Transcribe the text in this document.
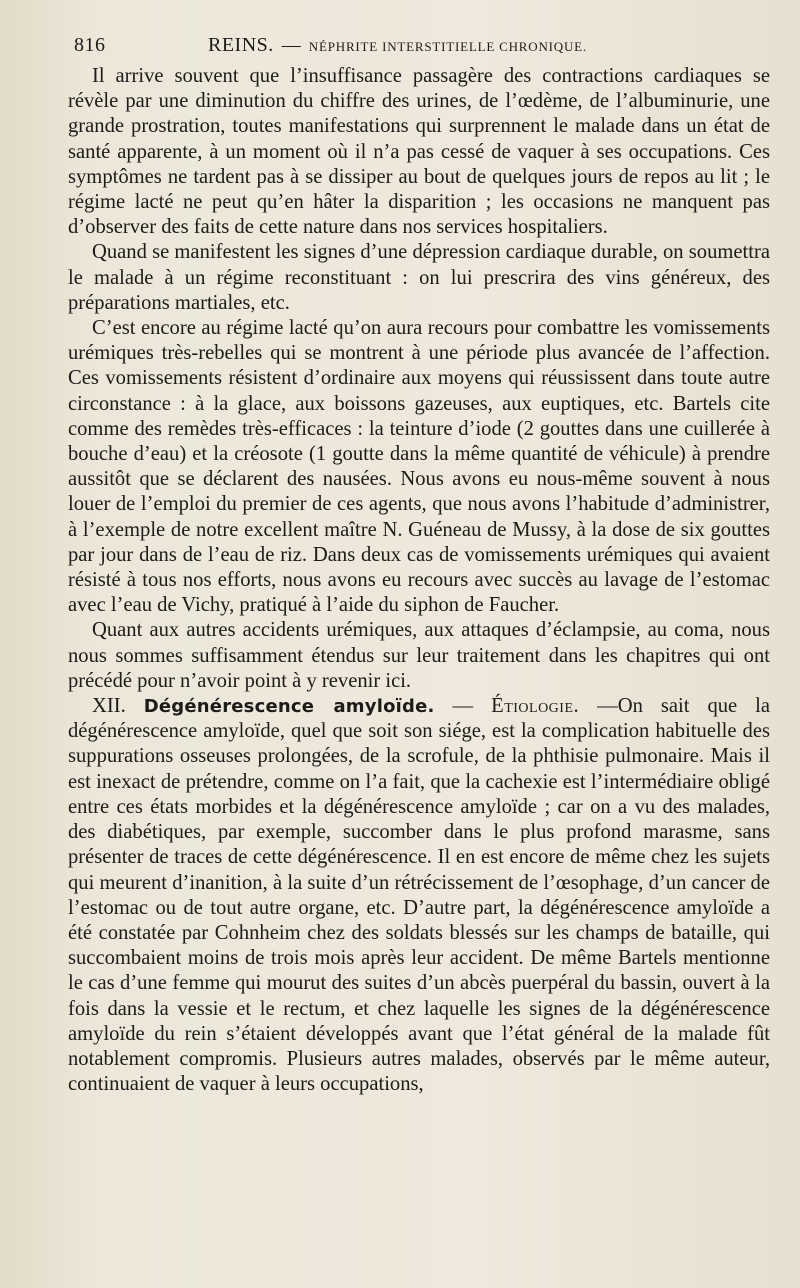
816	REINS. — NÉPHRITE INTERSTITIELLE CHRONIQUE.

Il arrive souvent que l’insuffisance passagère des contractions cardiaques se révèle par une diminution du chiffre des urines, de l’œdème, de l’albuminurie, une grande prostration, toutes manifestations qui surprennent le malade dans un état de santé apparente, à un moment où il n’a pas cessé de vaquer à ses occupations. Ces symptômes ne tardent pas à se dissiper au bout de quelques jours de repos au lit ; le régime lacté ne peut qu’en hâter la disparition ; les occasions ne manquent pas d’observer des faits de cette nature dans nos services hospitaliers.

Quand se manifestent les signes d’une dépression cardiaque durable, on soumettra le malade à un régime reconstituant : on lui prescrira des vins généreux, des préparations martiales, etc.

C’est encore au régime lacté qu’on aura recours pour combattre les vomissements urémiques très-rebelles qui se montrent à une période plus avancée de l’affection. Ces vomissements résistent d’ordinaire aux moyens qui réussissent dans toute autre circonstance : à la glace, aux boissons gazeuses, aux euptiques, etc. Bartels cite comme des remèdes très-efficaces : la teinture d’iode (2 gouttes dans une cuillerée à bouche d’eau) et la créosote (1 goutte dans la même quantité de véhicule) à prendre aussitôt que se déclarent des nausées. Nous avons eu nous-même souvent à nous louer de l’emploi du premier de ces agents, que nous avons l’habitude d’administrer, à l’exemple de notre excellent maître N. Guéneau de Mussy, à la dose de six gouttes par jour dans de l’eau de riz. Dans deux cas de vomissements urémiques qui avaient résisté à tous nos efforts, nous avons eu recours avec succès au lavage de l’estomac avec l’eau de Vichy, pratiqué à l’aide du siphon de Faucher.

Quant aux autres accidents urémiques, aux attaques d’éclampsie, au coma, nous nous sommes suffisamment étendus sur leur traitement dans les chapitres qui ont précédé pour n’avoir point à y revenir ici.

XII. Dégénérescence amyloïde. — Étiologie. —On sait que la dégénérescence amyloïde, quel que soit son siége, est la complication habituelle des suppurations osseuses prolongées, de la scrofule, de la phthisie pulmonaire. Mais il est inexact de prétendre, comme on l’a fait, que la cachexie est l’intermédiaire obligé entre ces états morbides et la dégénérescence amyloïde ; car on a vu des malades, des diabétiques, par exemple, succomber dans le plus profond marasme, sans présenter de traces de cette dégénérescence. Il en est encore de même chez les sujets qui meurent d’inanition, à la suite d’un rétrécissement de l’œsophage, d’un cancer de l’estomac ou de tout autre organe, etc. D’autre part, la dégénérescence amyloïde a été constatée par Cohnheim chez des soldats blessés sur les champs de bataille, qui succombaient moins de trois mois après leur accident. De même Bartels mentionne le cas d’une femme qui mourut des suites d’un abcès puerpéral du bassin, ouvert à la fois dans la vessie et le rectum, et chez laquelle les signes de la dégénérescence amyloïde du rein s’étaient développés avant que l’état général de la malade fût notablement compromis. Plusieurs autres malades, observés par le même auteur, continuaient de vaquer à leurs occupations,
